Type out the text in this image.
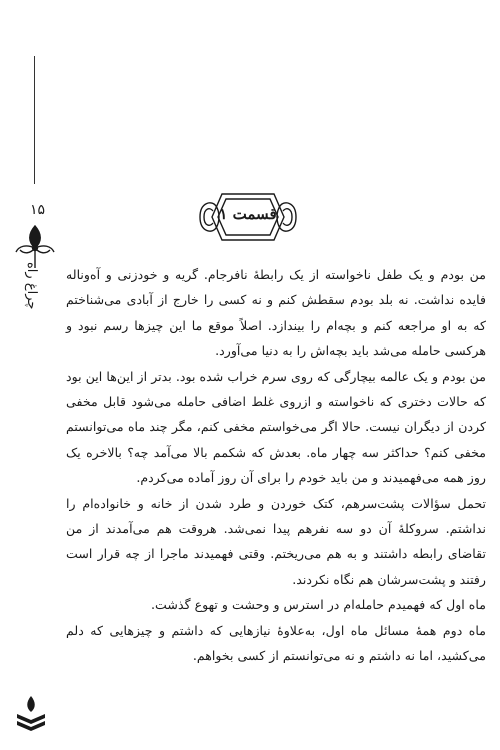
۱۵
چراغ راه
قسمت ۱

من بودم و یک طفل ناخواسته از یک رابطهٔ نافرجام. گریه و خودزنی و آه‌وناله فایده نداشت. نه بلد بودم سقطش کنم و نه کسی را خارج از آبادی می‌شناختم که به او مراجعه کنم و بچه‌ام را بیندازد. اصلاً موقع ما این چیزها رسم نبود و هرکسی حامله می‌شد باید بچه‌اش را به دنیا می‌آورد.

من بودم و یک عالمه بیچارگی که روی سرم خراب شده بود. بدتر از این‌ها این بود که حالات دختری که ناخواسته و ازروی غلط اضافی حامله می‌شود قابل مخفی کردن از دیگران نیست. حالا اگر می‌خواستم مخفی کنم، مگر چند ماه می‌توانستم مخفی کنم؟ حداکثر سه چهار ماه. بعدش که شکمم بالا می‌آمد چه؟ بالاخره یک روز همه می‌فهمیدند و من باید خودم را برای آن روز آماده می‌کردم.

تحمل سؤالات پشت‌سرهم، کتک خوردن و طرد شدن از خانه و خانواده‌ام را نداشتم. سروکلهٔ آن دو سه نفرهم پیدا نمی‌شد. هروقت هم می‌آمدند از من تقاضای رابطه داشتند و به هم می‌ریختم. وقتی فهمیدند ماجرا از چه قرار است رفتند و پشت‌سرشان هم نگاه نکردند.

ماه اول که فهمیدم حامله‌ام در استرس و وحشت و تهوع گذشت.

ماه دوم همهٔ مسائل ماه اول، به‌علاوهٔ نیازهایی که داشتم و چیزهایی که دلم می‌کشید، اما نه داشتم و نه می‌توانستم از کسی بخواهم.
